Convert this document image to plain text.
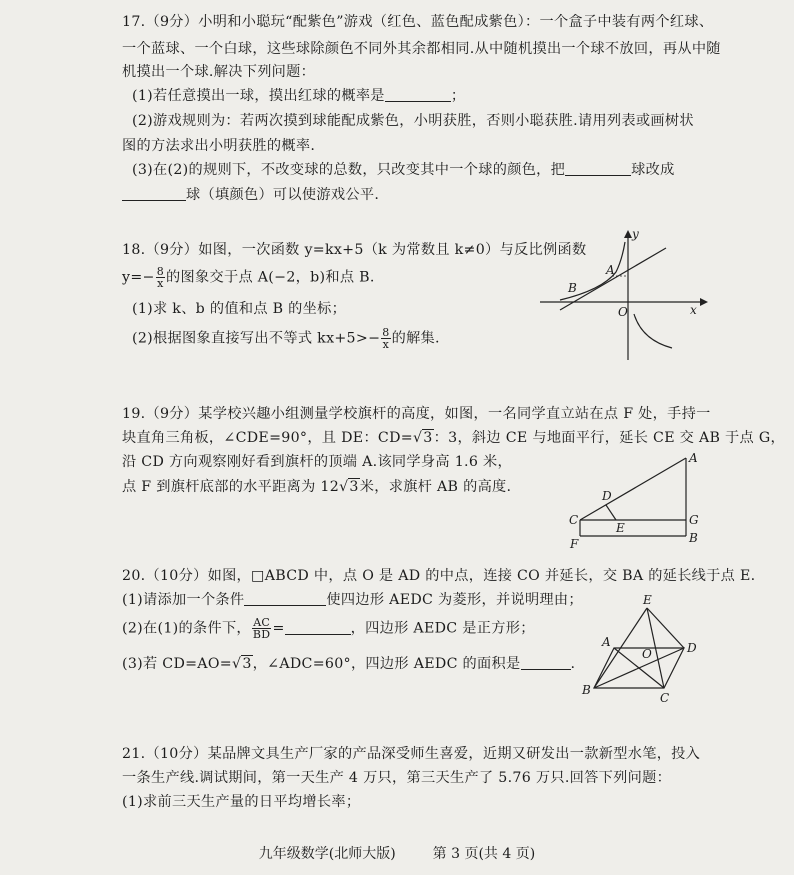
17.（9分）小明和小聪玩“配紫色”游戏（红色、蓝色配成紫色）：一个盒子中装有两个红球、

一个蓝球、一个白球，这些球除颜色不同外其余都相同.从中随机摸出一个球不放回，再从中随

机摸出一个球.解决下列问题：

(1)若任意摸出一球，摸出红球的概率是	；

(2)游戏规则为：若两次摸到球能配成紫色，小明获胜，否则小聪获胜.请用列表或画树状

图的方法求出小明获胜的概率.

(3)在(2)的规则下，不改变球的总数，只改变其中一个球的颜色，把	球改成

球（填颜色）可以使游戏公平.

18.（9分）如图，一次函数 y=kx+5（k 为常数且 k≠0）与反比例函数

$y=- \frac{8}{x}$ 的图象交于点 A(−2，b)和点 B.

(1)求 k、b 的值和点 B 的坐标；

(2)根据图象直接写出不等式 $kx+5>- \frac{8}{x}$ 的解集.

y
x
A
B
O

19.（9分）某学校兴趣小组测量学校旗杆的高度，如图，一名同学直立站在点 F 处，手持一

块直角三角板，∠CDE=90°，且 DE：CD=√3：3，斜边 CE 与地面平行，延长 CE 交 AB 于点 G，

沿 CD 方向观察刚好看到旗杆的顶端 A.该同学身高 1.6 米，

点 F 到旗杆底部的水平距离为 12√3米，求旗杆 AB 的高度.

A
D
C
E
G
F	B

20.（10分）如图，□ABCD 中，点 O 是 AD 的中点，连接 CO 并延长，交 BA 的延长线于点 E.

(1)请添加一个条件	使四边形 AEDC 为菱形，并说明理由；

(2)在(1)的条件下， $\frac{AC}{BD}$ =	，四边形 AEDC 是正方形；

(3)若 CD=AO=√3，∠ADC=60°，四边形 AEDC 的面积是	.

E
A	D
O
B
C

21.（10分）某品牌文具生产厂家的产品深受师生喜爱，近期又研发出一款新型水笔，投入

一条生产线.调试期间，第一天生产 4 万只，第三天生产了 5.76 万只.回答下列问题：

(1)求前三天生产量的日平均增长率；

九年级数学(北师大版)	第 3 页(共 4 页)
